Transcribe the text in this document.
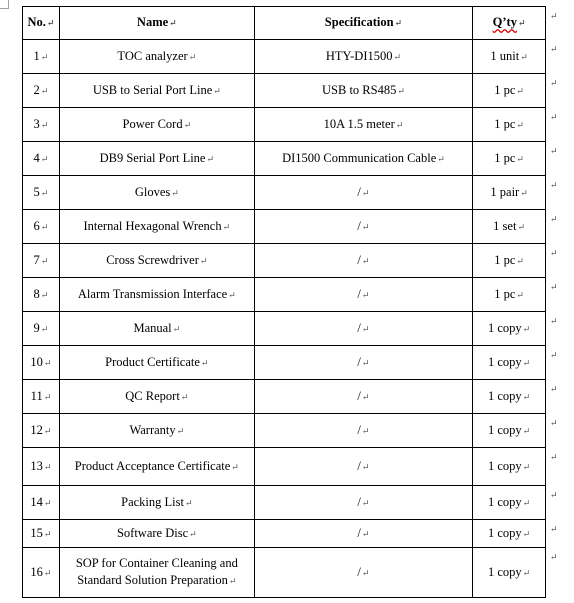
No.↵	Name↵	Specification↵	Q’ty↵
1↵	TOC analyzer↵	HTY-DI1500↵	1 unit↵
2↵	USB to Serial Port Line↵	USB to RS485↵	1 pc↵
3↵	Power Cord↵	10A 1.5 meter↵	1 pc↵
4↵	DB9 Serial Port Line↵	DI1500 Communication Cable↵	1 pc↵
5↵	Gloves↵	/↵	1 pair↵
6↵	Internal Hexagonal Wrench↵	/↵	1 set↵
7↵	Cross Screwdriver↵	/↵	1 pc↵
8↵	Alarm Transmission Interface↵	/↵	1 pc↵
9↵	Manual↵	/↵	1 copy↵
10↵	Product Certificate↵	/↵	1 copy↵
11↵	QC Report↵	/↵	1 copy↵
12↵	Warranty↵	/↵	1 copy↵
13↵	Product Acceptance Certificate↵	/↵	1 copy↵
14↵	Packing List↵	/↵	1 copy↵
15↵	Software Disc↵	/↵	1 copy↵
16↵	SOP for Container Cleaning and Standard Solution Preparation↵	/↵	1 copy↵
↵
↵
↵
↵
↵
↵
↵
↵
↵
↵
↵
↵
↵
↵
↵
↵
↵
